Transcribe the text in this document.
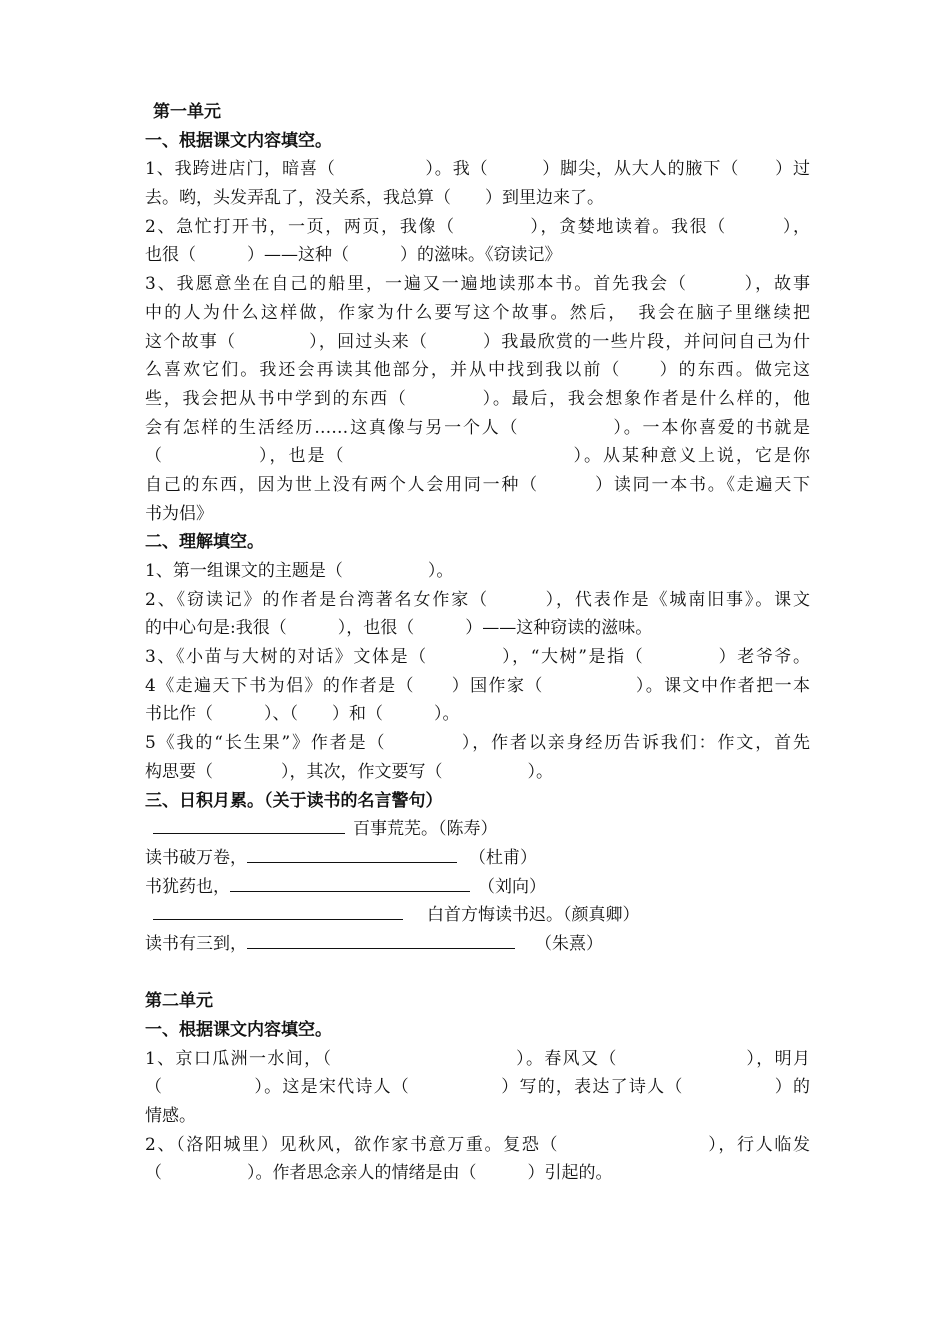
第一单元
一、根据课文内容填空。
1、我跨进店门，暗喜（　　　　　）。我（　　　）脚尖，从大人的腋下（　　）过
去。哟，头发弄乱了，没关系，我总算（　　）到里边来了。
2、急忙打开书，一页，两页，我像（　　　　），贪婪地读着。我很（　　　），
也很（　　　）——这种（　　　）的滋味。《窃读记》
3、我愿意坐在自己的船里，一遍又一遍地读那本书。首先我会（　　　），故事
中的人为什么这样做，作家为什么要写这个故事。然后，　我会在脑子里继续把
这个故事（　　　　），回过头来（　　　）我最欣赏的一些片段，并问问自己为什
么喜欢它们。我还会再读其他部分，并从中找到我以前（　　）的东西。做完这
些，我会把从书中学到的东西（　　　　）。最后，我会想象作者是什么样的，他
会有怎样的生活经历……这真像与另一个人（　　　　　）。一本你喜爱的书就是
（　　　　　），也是（　　　　　　　　　　　　）。从某种意义上说，它是你
自己的东西，因为世上没有两个人会用同一种（　　　）读同一本书。《走遍天下
书为侣》
二、理解填空。
1、第一组课文的主题是（　　　　　）。
2、《窃读记》的作者是台湾著名女作家（　　　），代表作是《城南旧事》。课文
的中心句是:我很（　　　），也很（　　　）——这种窃读的滋味。
3、《小苗与大树的对话》文体是（　　　　），“大树”是指（　　　　）老爷爷。
4《走遍天下书为侣》的作者是（　　）国作家（　　　　　）。课文中作者把一本
书比作（　　　）、（　　）和（　　　）。
5《我的“长生果”》作者是（　　　　），作者以亲身经历告诉我们：作文，首先
构思要（　　　　），其次，作文要写（　　　　　）。
三、日积月累。（关于读书的名言警句）
百事荒芜。（陈寿）
读书破万卷，	（杜甫）
书犹药也，	（刘向）
白首方悔读书迟。（颜真卿）
读书有三到，	（朱熹）
第二单元
一、根据课文内容填空。
1、京口瓜洲一水间，（　　　　　　　　　　）。春风又（　　　　　　　），明月
（　　　　　）。这是宋代诗人（　　　　　）写的，表达了诗人（　　　　　）的
情感。
2、（洛阳城里）见秋风，欲作家书意万重。复恐（　　　　　　　　），行人临发
（　　　　　）。作者思念亲人的情绪是由（　　　）引起的。
